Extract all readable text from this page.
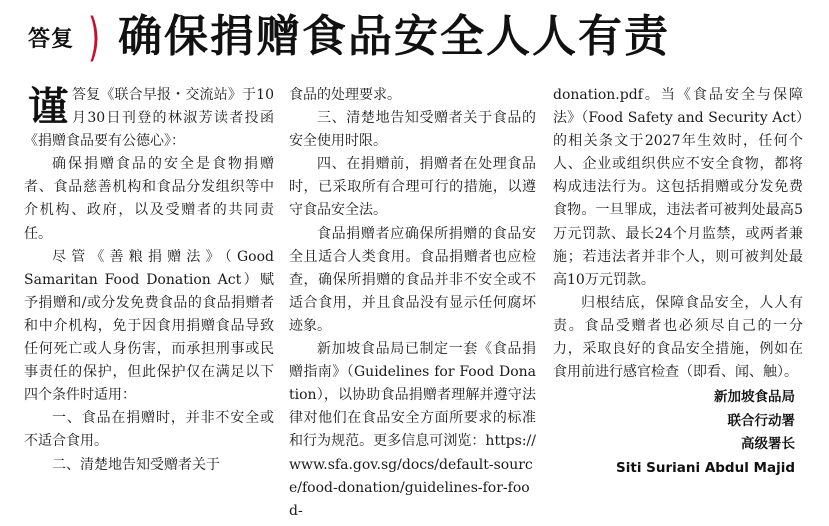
答复 ) 确保捐赠食品安全人人有责

谨答复《联合早报・交流站》于10月30日刊登的林淑芳读者投函《捐赠食品要有公德心》：

确保捐赠食品的安全是食物捐赠者、食品慈善机构和食品分发组织等中介机构、政府，以及受赠者的共同责任。

尽管《善粮捐赠法》（Good Samaritan Food Donation Act）赋予捐赠和/或分发免费食品的食品捐赠者和中介机构，免于因食用捐赠食品导致任何死亡或人身伤害，而承担刑事或民事责任的保护，但此保护仅在满足以下四个条件时适用：

一、食品在捐赠时，并非不安全或不适合食用。

二、清楚地告知受赠者关于

食品的处理要求。

三、清楚地告知受赠者关于食品的安全使用时限。

四、在捐赠前，捐赠者在处理食品时，已采取所有合理可行的措施，以遵守食品安全法。

食品捐赠者应确保所捐赠的食品安全且适合人类食用。食品捐赠者也应检查，确保所捐赠的食品并非不安全或不适合食用，并且食品没有显示任何腐坏迹象。

新加坡食品局已制定一套《食品捐赠指南》（Guidelines for Food Donation），以协助食品捐赠者理解并遵守法律对他们在食品安全方面所要求的标准和行为规范。更多信息可浏览：https://www.sfa.gov.sg/docs/default-source/food-donation/guidelines-for-food-

donation.pdf。当《食品安全与保障法》（Food Safety and Security Act）的相关条文于2027年生效时，任何个人、企业或组织供应不安全食物，都将构成违法行为。这包括捐赠或分发免费食物。一旦罪成，违法者可被判处最高5万元罚款、最长24个月监禁，或两者兼施；若违法者并非个人，则可被判处最高10万元罚款。

归根结底，保障食品安全，人人有责。食品受赠者也必须尽自己的一分力，采取良好的食品安全措施，例如在食用前进行感官检查（即看、闻、触）。

新加坡食品局
联合行动署
高级署长
Siti Suriani Abdul Majid
